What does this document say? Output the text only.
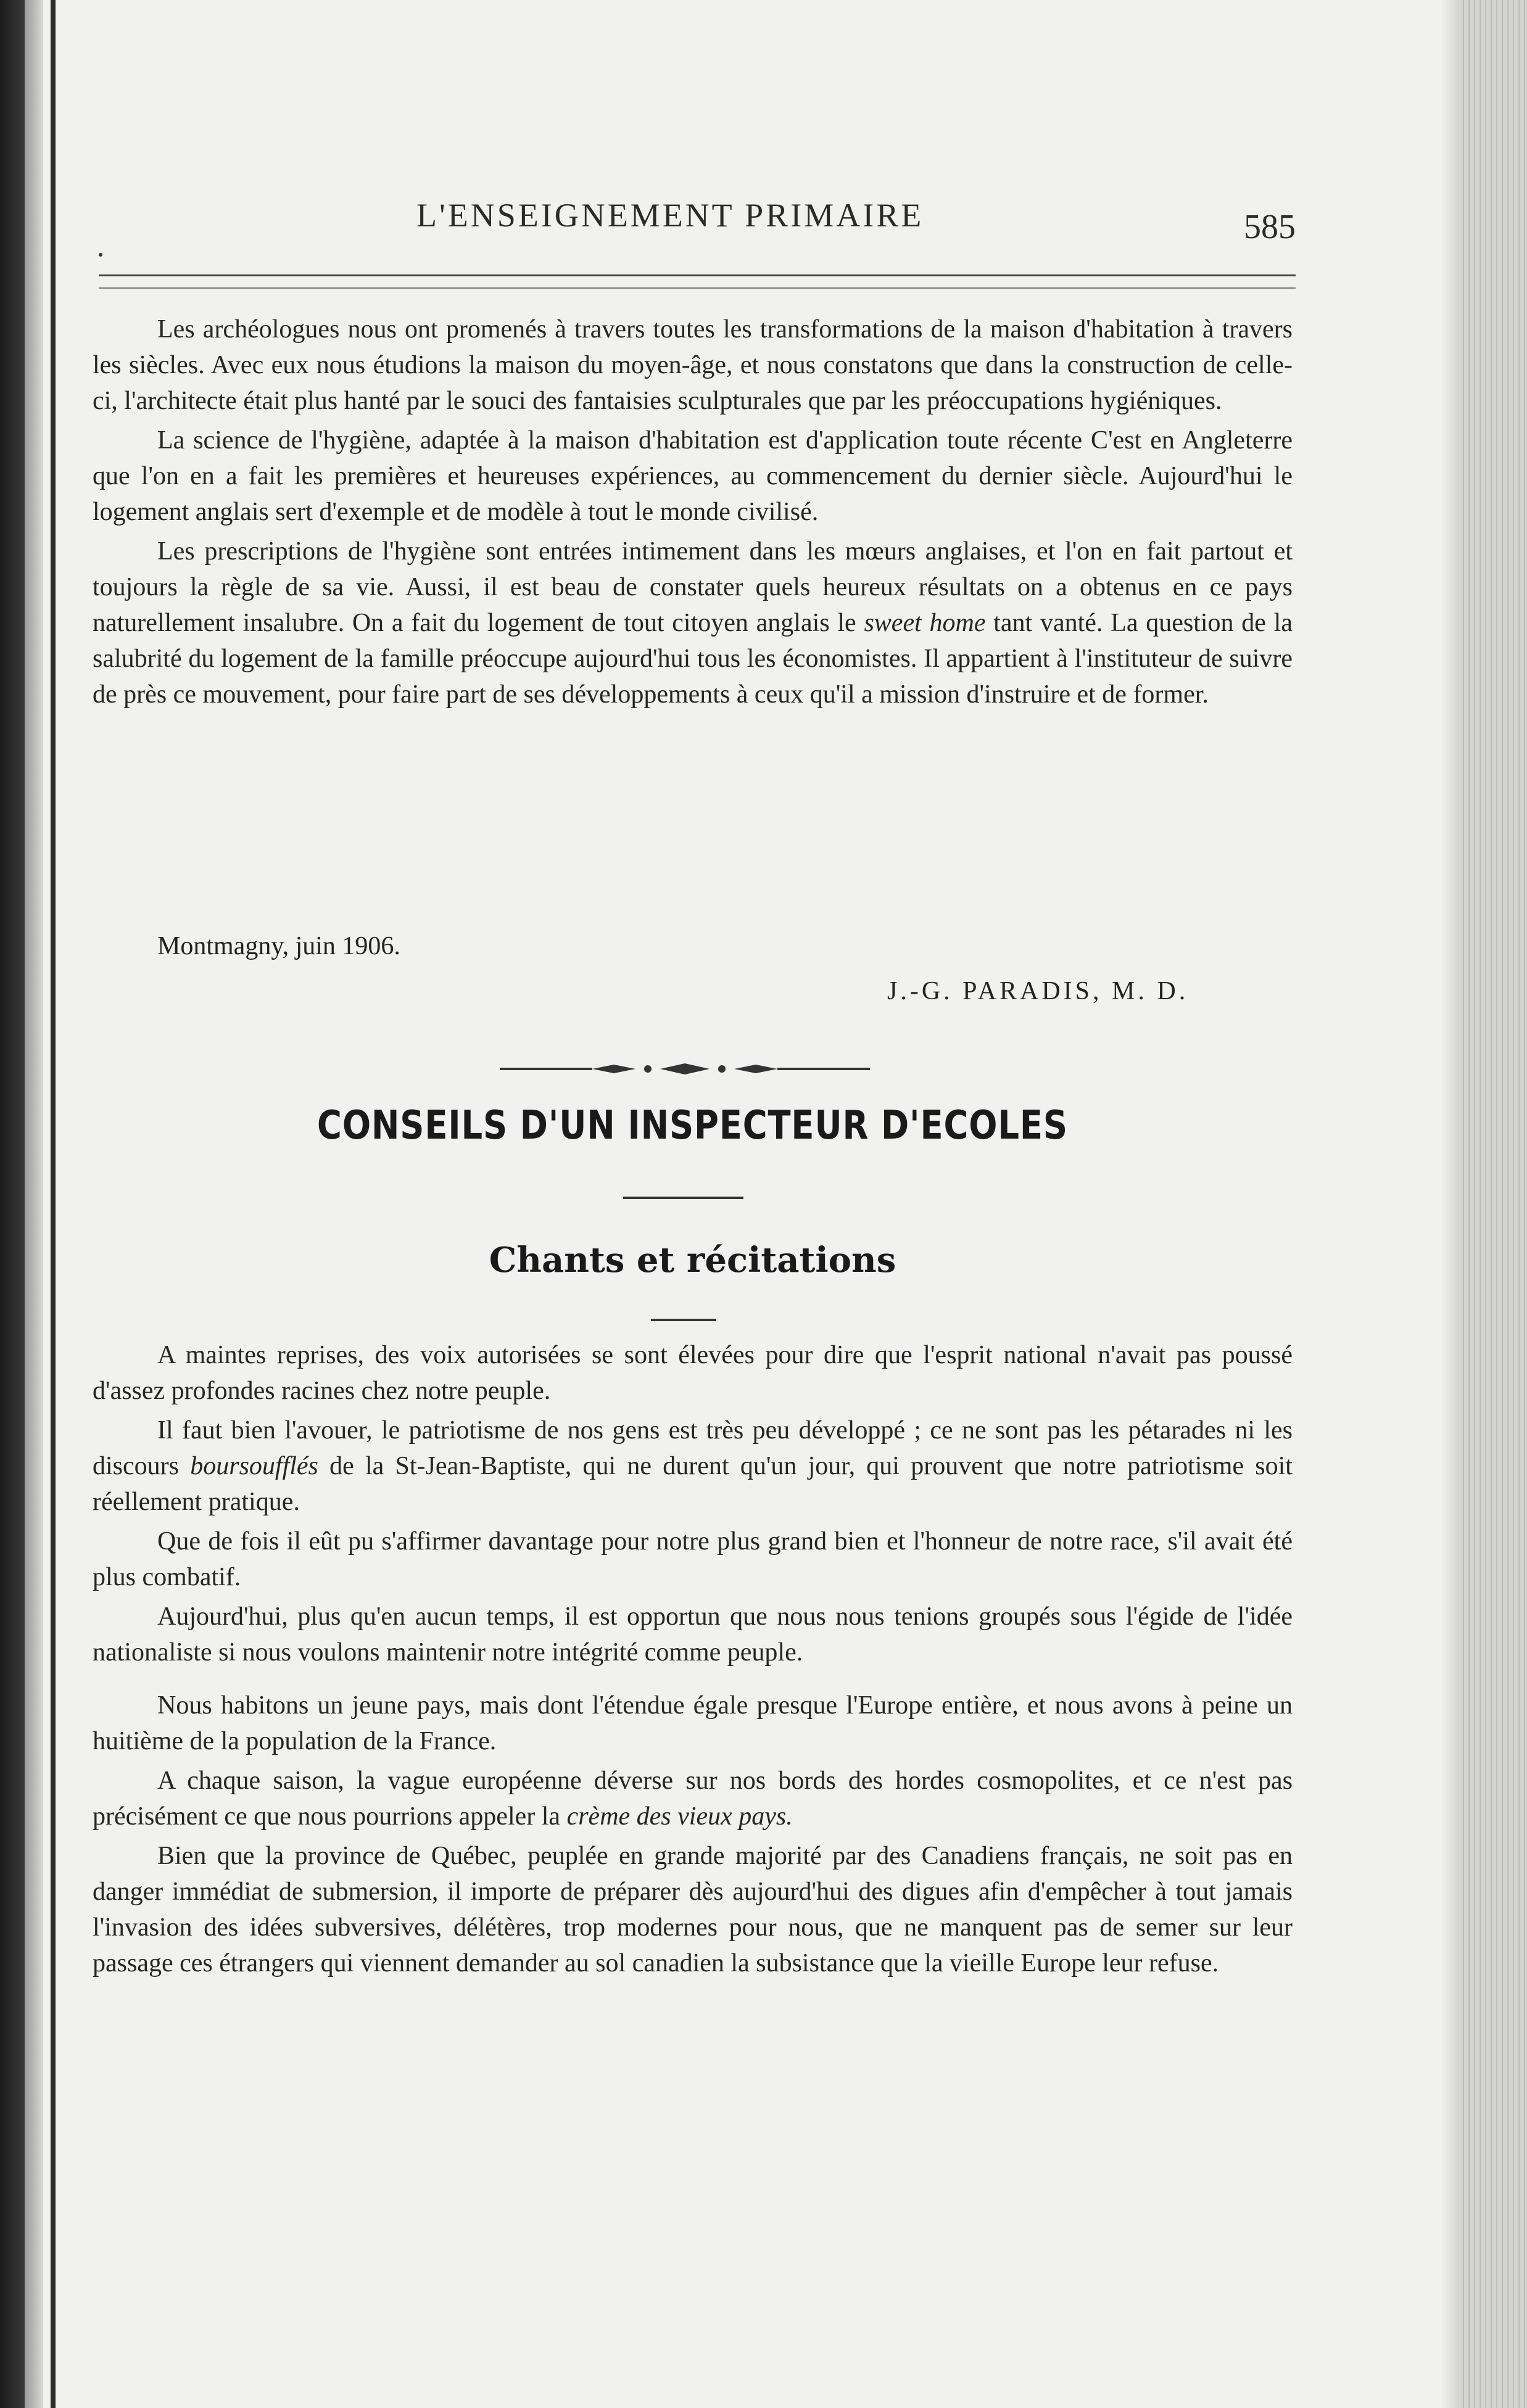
L'ENSEIGNEMENT PRIMAIRE	585

Les archéologues nous ont promenés à travers toutes les transformations de la maison d'habitation à travers les siècles. Avec eux nous étudions la maison du moyen-âge, et nous constatons que dans la construction de celle-ci, l'architecte était plus hanté par le souci des fantaisies sculpturales que par les préoccupations hygiéniques.

La science de l'hygiène, adaptée à la maison d'habitation est d'application toute récente C'est en Angleterre que l'on en a fait les premières et heureuses expériences, au commencement du dernier siècle. Aujourd'hui le logement anglais sert d'exemple et de modèle à tout le monde civilisé.

Les prescriptions de l'hygiène sont entrées intimement dans les mœurs anglaises, et l'on en fait partout et toujours la règle de sa vie. Aussi, il est beau de constater quels heureux résultats on a obtenus en ce pays naturellement insalubre. On a fait du logement de tout citoyen anglais le sweet home tant vanté. La question de la salubrité du logement de la famille préoccupe aujourd'hui tous les économistes. Il appartient à l'instituteur de suivre de près ce mouvement, pour faire part de ses développements à ceux qu'il a mission d'instruire et de former.

Montmagny, juin 1906.
J.-G. PARADIS, M. D.
CONSEILS D'UN INSPECTEUR D'ECOLES
Chants et récitations

A maintes reprises, des voix autorisées se sont élevées pour dire que l'esprit national n'avait pas poussé d'assez profondes racines chez notre peuple.

Il faut bien l'avouer, le patriotisme de nos gens est très peu développé ; ce ne sont pas les pétarades ni les discours boursoufflés de la St-Jean-Baptiste, qui ne durent qu'un jour, qui prouvent que notre patriotisme soit réellement pratique.

Que de fois il eût pu s'affirmer davantage pour notre plus grand bien et l'honneur de notre race, s'il avait été plus combatif.

Aujourd'hui, plus qu'en aucun temps, il est opportun que nous nous tenions groupés sous l'égide de l'idée nationaliste si nous voulons maintenir notre intégrité comme peuple.

Nous habitons un jeune pays, mais dont l'étendue égale presque l'Europe entière, et nous avons à peine un huitième de la population de la France.

A chaque saison, la vague européenne déverse sur nos bords des hordes cosmopolites, et ce n'est pas précisément ce que nous pourrions appeler la crème des vieux pays.

Bien que la province de Québec, peuplée en grande majorité par des Canadiens français, ne soit pas en danger immédiat de submersion, il importe de préparer dès aujourd'hui des digues afin d'empêcher à tout jamais l'invasion des idées subversives, délétères, trop modernes pour nous, que ne manquent pas de semer sur leur passage ces étrangers qui viennent demander au sol canadien la subsistance que la vieille Europe leur refuse.
